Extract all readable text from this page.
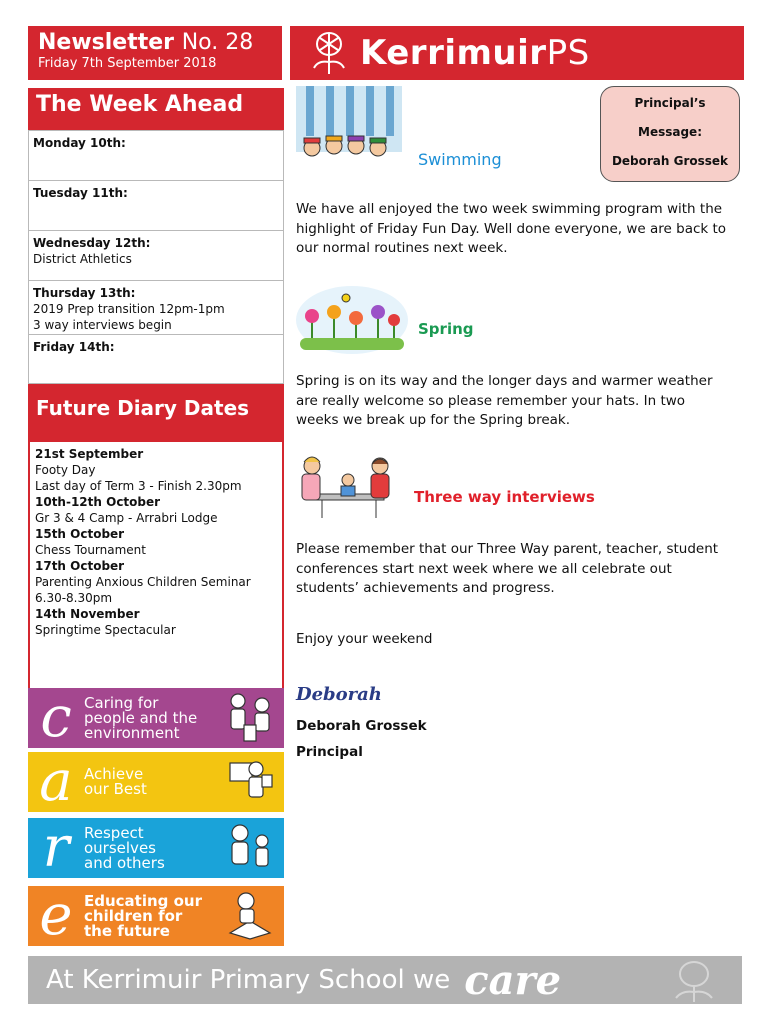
Newsletter No. 28
Friday 7th September 2018	KerrimuirPS
The Week Ahead
Monday 10th:
Tuesday 11th:
Wednesday 12th:
District Athletics
Thursday 13th:
2019 Prep transition 12pm-1pm
3 way interviews begin
Friday 14th:
Future Diary Dates
21st September
Footy Day
Last day of Term 3 - Finish 2.30pm
10th-12th October
Gr 3 & 4 Camp - Arrabri Lodge
15th October
Chess Tournament
17th October
Parenting Anxious Children Seminar
6.30-8.30pm
14th November
Springtime Spectacular
c Caring for
people and the
environment
a Achieve
our Best
r Respect
ourselves
and others
e Educating our
children for
the future
At Kerrimuir Primary School we care
Swimming
Principal’s
Message:
Deborah Grossek
We have all enjoyed the two week swimming program with the highlight of Friday Fun Day. Well done everyone, we are back to our normal routines next week.
Spring
Spring is on its way and the longer days and warmer weather are really welcome so please remember your hats. In two weeks we break up for the Spring break.
Three way interviews
Please remember that our Three Way parent, teacher, student conferences start next week where we all celebrate out students’ achievements and progress.
Enjoy your weekend
Deborah
Deborah Grossek
Principal
